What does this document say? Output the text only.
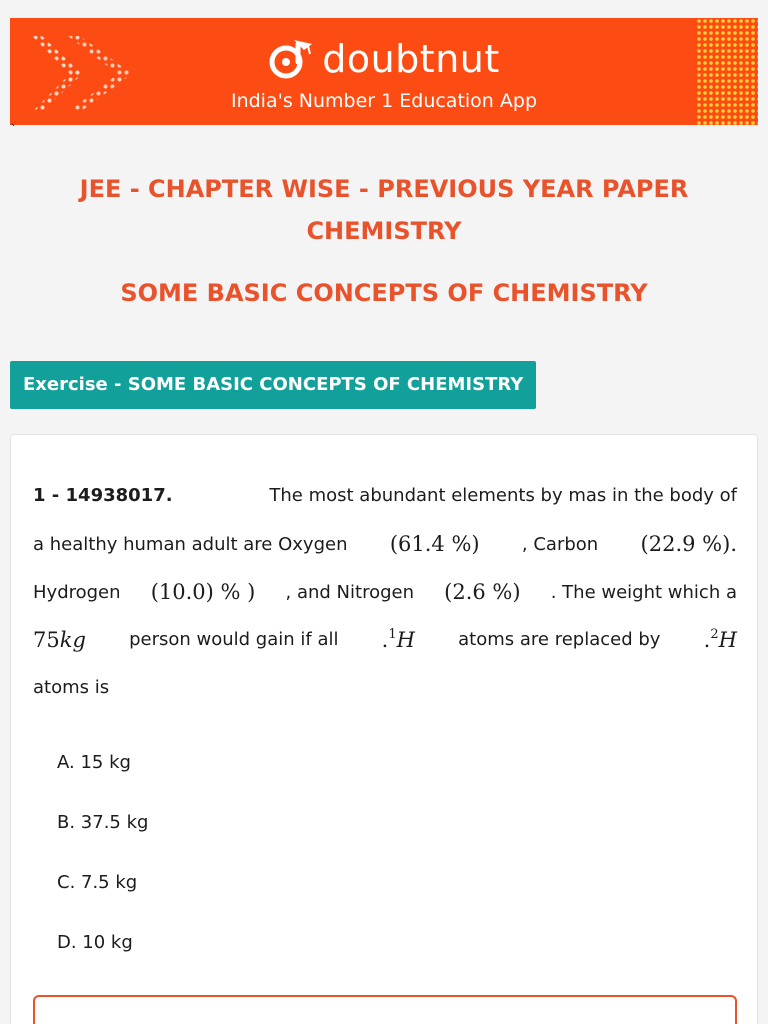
doubtnut
India's Number 1 Education App
`
JEE - CHAPTER WISE - PREVIOUS YEAR PAPER
CHEMISTRY
SOME BASIC CONCEPTS OF CHEMISTRY
Exercise - SOME BASIC CONCEPTS OF CHEMISTRY
1 - 14938017.	The most abundant elements by mas in the body of
a healthy human adult are Oxygen (61.4 %) , Carbon (22.9 %).
Hydrogen (10.0) % ) , and Nitrogen (2.6 %) . The weight which a
75kg person would gain if all .$^1$H atoms are replaced by .$^2$H
atoms is
A. 15 kg
B. 37.5 kg
C. 7.5 kg
D. 10 kg
